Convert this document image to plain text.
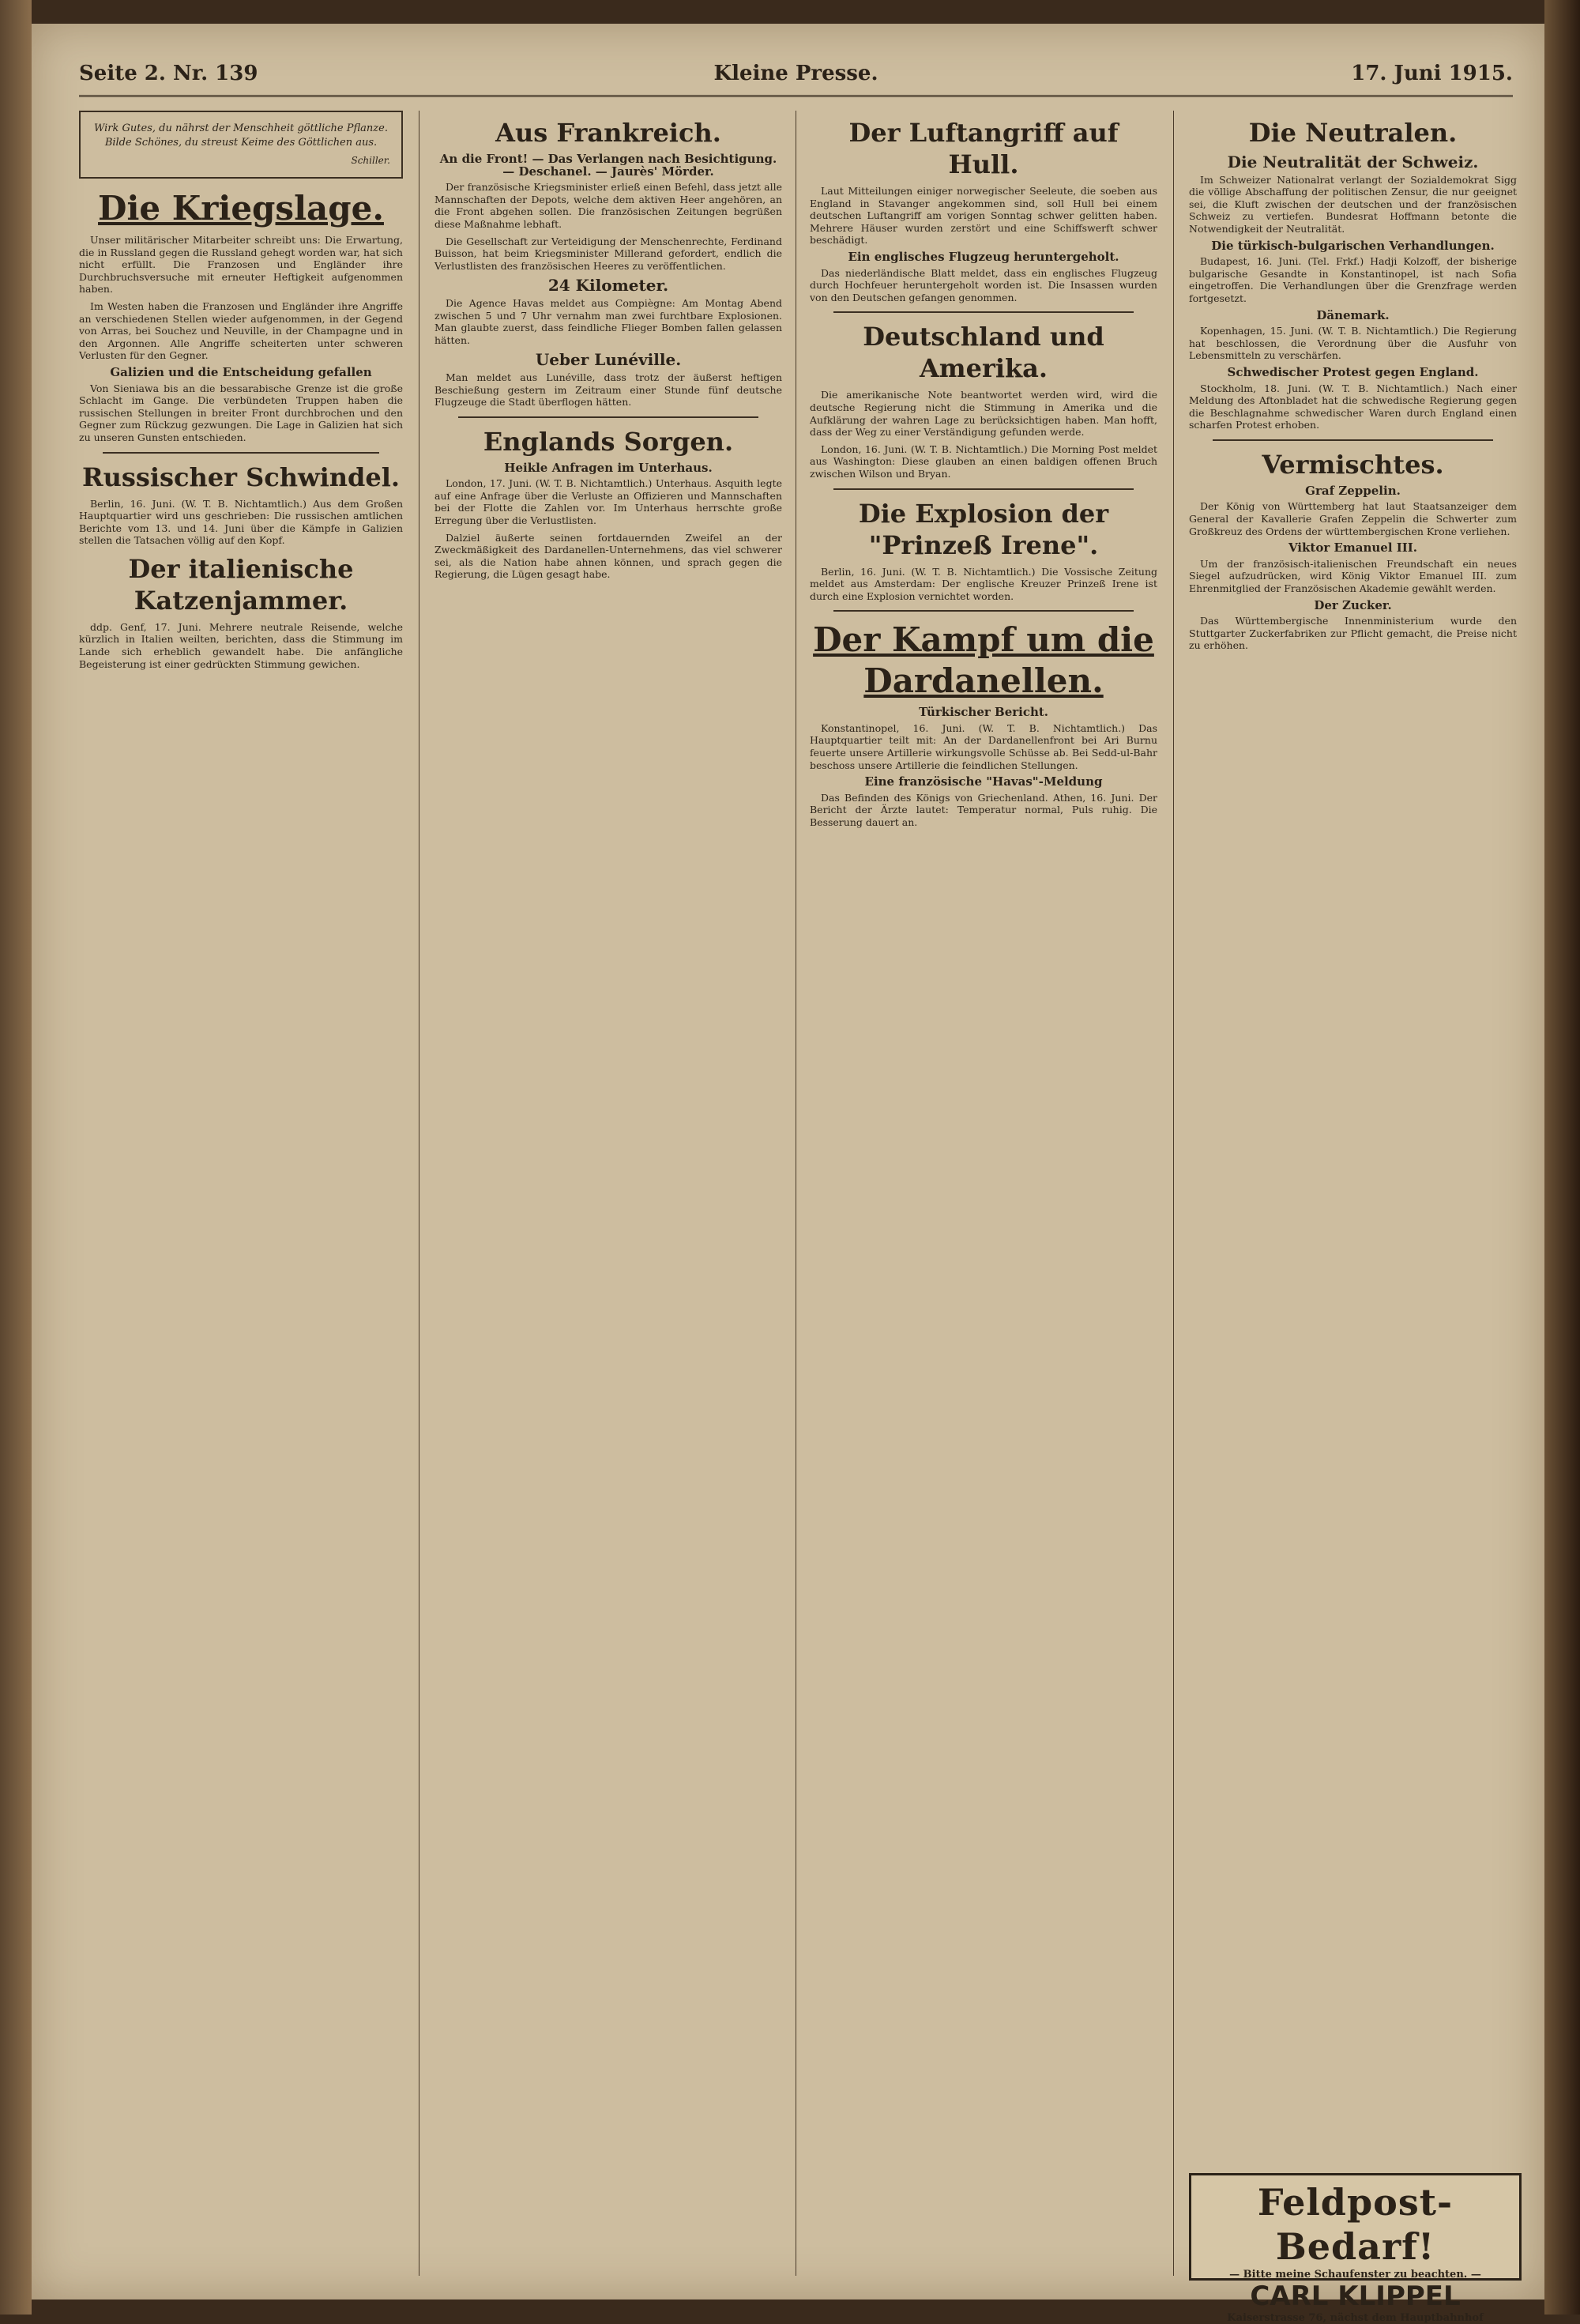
Seite 2. Nr. 139	Kleine Presse.	17. Juni 1915.
Wirk Gutes, du nährst der Menschheit göttliche Pflanze. Bilde Schönes, du streust Keime des Göttlichen aus.
Schiller.
Die Kriegslage.

Unser militärischer Mitarbeiter schreibt uns: Die Erwartung, die in Russland gegen die Russland gehegt worden war, hat sich nicht erfüllt. Die Franzosen und Engländer ihre Durchbruchsversuche mit erneuter Heftigkeit aufgenommen haben.

Im Westen haben die Franzosen und Engländer ihre Angriffe an verschiedenen Stellen wieder aufgenommen, in der Gegend von Arras, bei Souchez und Neuville, in der Champagne und in den Argonnen. Alle Angriffe scheiterten unter schweren Verlusten für den Gegner.

Galizien und die Entscheidung gefallen

Von Sieniawa bis an die bessarabische Grenze ist die große Schlacht im Gange. Die verbündeten Truppen haben die russischen Stellungen in breiter Front durchbrochen und den Gegner zum Rückzug gezwungen. Die Lage in Galizien hat sich zu unseren Gunsten entschieden.

Russischer Schwindel.

Berlin, 16. Juni. (W. T. B. Nichtamtlich.) Aus dem Großen Hauptquartier wird uns geschrieben: Die russischen amtlichen Berichte vom 13. und 14. Juni über die Kämpfe in Galizien stellen die Tatsachen völlig auf den Kopf.

Der italienische Katzenjammer.

ddp. Genf, 17. Juni. Mehrere neutrale Reisende, welche kürzlich in Italien weilten, berichten, dass die Stimmung im Lande sich erheblich gewandelt habe. Die anfängliche Begeisterung ist einer gedrückten Stimmung gewichen.

Aus Frankreich.
An die Front! — Das Verlangen nach Besichtigung. — Deschanel. — Jaurès' Mörder.

Der französische Kriegsminister erließ einen Befehl, dass jetzt alle Mannschaften der Depots, welche dem aktiven Heer angehören, an die Front abgehen sollen. Die französischen Zeitungen begrüßen diese Maßnahme lebhaft.

Die Gesellschaft zur Verteidigung der Menschenrechte, Ferdinand Buisson, hat beim Kriegsminister Millerand gefordert, endlich die Verlustlisten des französischen Heeres zu veröffentlichen.

24 Kilometer.

Die Agence Havas meldet aus Compiègne: Am Montag Abend zwischen 5 und 7 Uhr vernahm man zwei furchtbare Explosionen. Man glaubte zuerst, dass feindliche Flieger Bomben fallen gelassen hätten.

Ueber Lunéville.

Man meldet aus Lunéville, dass trotz der äußerst heftigen Beschießung gestern im Zeitraum einer Stunde fünf deutsche Flugzeuge die Stadt überflogen hätten.

Englands Sorgen.
Heikle Anfragen im Unterhaus.

London, 17. Juni. (W. T. B. Nichtamtlich.) Unterhaus. Asquith legte auf eine Anfrage über die Verluste an Offizieren und Mannschaften bei der Flotte die Zahlen vor. Im Unterhaus herrschte große Erregung über die Verlustlisten.

Dalziel äußerte seinen fortdauernden Zweifel an der Zweckmäßigkeit des Dardanellen-Unternehmens, das viel schwerer sei, als die Nation habe ahnen können, und sprach gegen die Regierung, die Lügen gesagt habe.

Der Luftangriff auf Hull.

Laut Mitteilungen einiger norwegischer Seeleute, die soeben aus England in Stavanger angekommen sind, soll Hull bei einem deutschen Luftangriff am vorigen Sonntag schwer gelitten haben. Mehrere Häuser wurden zerstört und eine Schiffswerft schwer beschädigt.

Ein englisches Flugzeug heruntergeholt.

Das niederländische Blatt meldet, dass ein englisches Flugzeug durch Hochfeuer heruntergeholt worden ist. Die Insassen wurden von den Deutschen gefangen genommen.

Deutschland und Amerika.

Die amerikanische Note beantwortet werden wird, wird die deutsche Regierung nicht die Stimmung in Amerika und die Aufklärung der wahren Lage zu berücksichtigen haben. Man hofft, dass der Weg zu einer Verständigung gefunden werde.

London, 16. Juni. (W. T. B. Nichtamtlich.) Die Morning Post meldet aus Washington: Diese glauben an einen baldigen offenen Bruch zwischen Wilson und Bryan.

Die Explosion der "Prinzeß Irene".

Berlin, 16. Juni. (W. T. B. Nichtamtlich.) Die Vossische Zeitung meldet aus Amsterdam: Der englische Kreuzer Prinzeß Irene ist durch eine Explosion vernichtet worden.

Der Kampf um die Dardanellen.
Türkischer Bericht.

Konstantinopel, 16. Juni. (W. T. B. Nichtamtlich.) Das Hauptquartier teilt mit: An der Dardanellenfront bei Ari Burnu feuerte unsere Artillerie wirkungsvolle Schüsse ab. Bei Sedd-ul-Bahr beschoss unsere Artillerie die feindlichen Stellungen.

Eine französische "Havas"-Meldung

Das Befinden des Königs von Griechenland. Athen, 16. Juni. Der Bericht der Ärzte lautet: Temperatur normal, Puls ruhig. Die Besserung dauert an.

Die Neutralen.
Die Neutralität der Schweiz.

Im Schweizer Nationalrat verlangt der Sozialdemokrat Sigg die völlige Abschaffung der politischen Zensur, die nur geeignet sei, die Kluft zwischen der deutschen und der französischen Schweiz zu vertiefen. Bundesrat Hoffmann betonte die Notwendigkeit der Neutralität.

Die türkisch-bulgarischen Verhandlungen.

Budapest, 16. Juni. (Tel. Frkf.) Hadji Kolzoff, der bisherige bulgarische Gesandte in Konstantinopel, ist nach Sofia eingetroffen. Die Verhandlungen über die Grenzfrage werden fortgesetzt.

Dänemark.

Kopenhagen, 15. Juni. (W. T. B. Nichtamtlich.) Die Regierung hat beschlossen, die Verordnung über die Ausfuhr von Lebensmitteln zu verschärfen.

Schwedischer Protest gegen England.

Stockholm, 18. Juni. (W. T. B. Nichtamtlich.) Nach einer Meldung des Aftonbladet hat die schwedische Regierung gegen die Beschlagnahme schwedischer Waren durch England einen scharfen Protest erhoben.

Vermischtes.
Graf Zeppelin.

Der König von Württemberg hat laut Staatsanzeiger dem General der Kavallerie Grafen Zeppelin die Schwerter zum Großkreuz des Ordens der württembergischen Krone verliehen.

Viktor Emanuel III.

Um der französisch-italienischen Freundschaft ein neues Siegel aufzudrücken, wird König Viktor Emanuel III. zum Ehrenmitglied der Französischen Akademie gewählt werden.

Der Zucker.

Das Württembergische Innenministerium wurde den Stuttgarter Zuckerfabriken zur Pflicht gemacht, die Preise nicht zu erhöhen.

Feldpost-Bedarf!
— Bitte meine Schaufenster zu beachten. —
CARL KLIPPEL
Kaiserstrasse 76, nächst dem Hauptbahnhof
